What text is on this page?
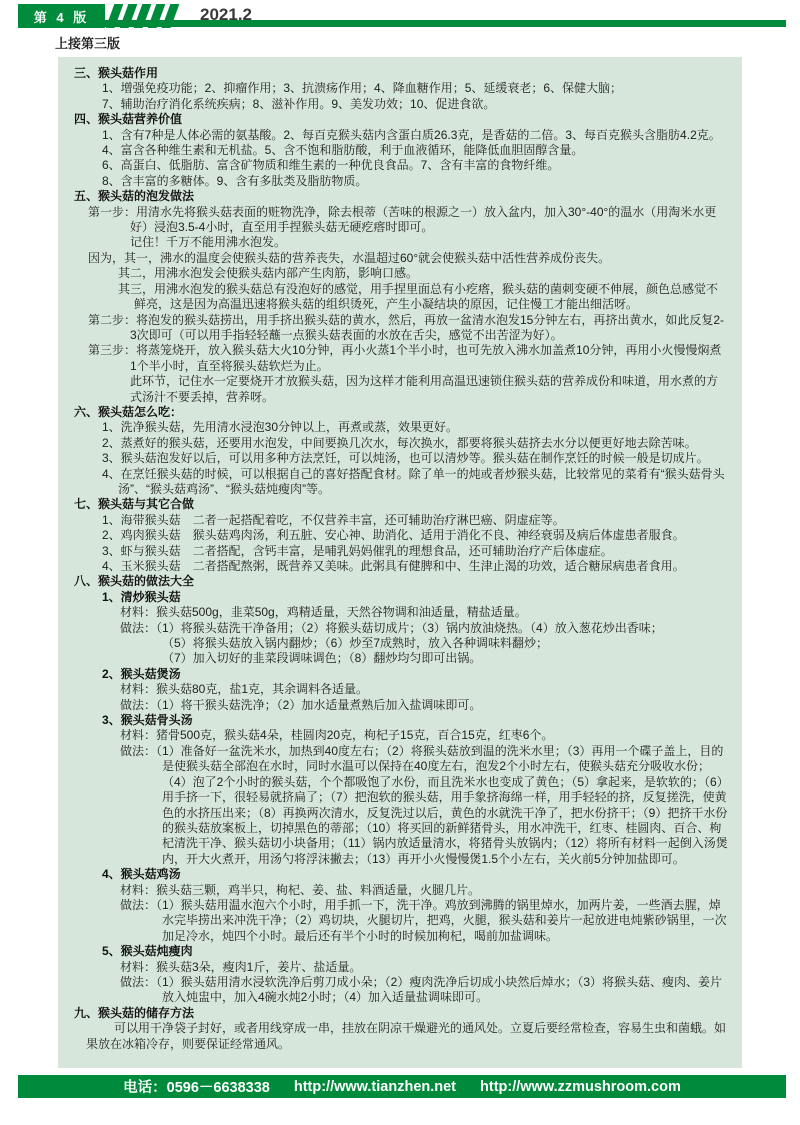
第 4 版	2021.2
上接第三版
三、猴头菇作用
1、增强免疫功能；2、抑瘤作用；3、抗溃疡作用；4、降血糖作用；5、延缓衰老；6、保健大脑；
7、辅助治疗消化系统疾病；8、滋补作用。9、美发功效；10、促进食欲。
四、猴头菇营养价值
1、含有7种是人体必需的氨基酸。2、每百克猴头菇内含蛋白质26.3克，是香菇的二倍。3、每百克猴头含脂肪4.2克。
4、富含各种维生素和无机盐。5、含不饱和脂肪酸，利于血液循环，能降低血胆固醇含量。
6、高蛋白、低脂肪、富含矿物质和维生素的一种优良食品。7、含有丰富的食物纤维。
8、含丰富的多糖体。9、含有多肽类及脂肪物质。
五、猴头菇的泡发做法
第一步：用清水先将猴头菇表面的赃物洗净，除去根蒂（苦味的根源之一）放入盆内，加入30°-40°的温水（用淘米水更好）浸泡3.5-4小时，直至用手捏猴头菇无硬疙瘩时即可。
记住！千万不能用沸水泡发。
因为，其一，沸水的温度会使猴头菇的营养丧失，水温超过60°就会使猴头菇中活性营养成份丧失。
其二，用沸水泡发会使猴头菇内部产生肉筋，影响口感。
其三，用沸水泡发的猴头菇总有没泡好的感觉，用手捏里面总有小疙瘩，猴头菇的菌刺变硬不伸展，颜色总感觉不鲜亮，这是因为高温迅速将猴头菇的组织烫死，产生小凝结块的原因，记住慢工才能出细活呀。
第二步：将泡发的猴头菇捞出，用手挤出猴头菇的黄水，然后，再放一盆清水泡发15分钟左右，再挤出黄水，如此反复2-3次即可（可以用手指轻轻蘸一点猴头菇表面的水放在舌尖，感觉不出苦涩为好）。
第三步：将蒸笼烧开，放入猴头菇大火10分钟，再小火蒸1个半小时，也可先放入沸水加盖煮10分钟，再用小火慢慢焖煮1个半小时，直至将猴头菇软烂为止。
此环节，记住水一定要烧开才放猴头菇，因为这样才能利用高温迅速锁住猴头菇的营养成份和味道，用水煮的方式汤汁不要丢掉，营养呀。
六、猴头菇怎么吃：
1、洗净猴头菇，先用清水浸泡30分钟以上，再煮或蒸，效果更好。
2、蒸煮好的猴头菇，还要用水泡发，中间要换几次水，每次换水，都要将猴头菇挤去水分以便更好地去除苦味。
3、猴头菇泡发好以后，可以用多种方法烹饪，可以炖汤，也可以清炒等。猴头菇在制作烹饪的时候一般是切成片。
4、在烹饪猴头菇的时候，可以根据自己的喜好搭配食材。除了单一的炖或者炒猴头菇，比较常见的菜肴有“猴头菇骨头汤”、“猴头菇鸡汤”、“猴头菇炖瘦肉”等。
七、猴头菇与其它合做
1、海带猴头菇　二者一起搭配着吃，不仅营养丰富，还可辅助治疗淋巴癌、阴虚症等。
2、鸡肉猴头菇　猴头菇鸡肉汤，利五脏、安心神、助消化、适用于消化不良、神经衰弱及病后体虚患者服食。
3、虾与猴头菇　二者搭配，含钙丰富，是哺乳妈妈催乳的理想食品，还可辅助治疗产后体虚症。
4、玉米猴头菇　二者搭配熬粥，既营养又美味。此粥具有健脾和中、生津止渴的功效，适合糖尿病患者食用。
八、猴头菇的做法大全
1、清炒猴头菇
材料：猴头菇500g，韭菜50g，鸡精适量，天然谷物调和油适量，精盐适量。
做法：（1）将猴头菇洗干净备用；（2）将猴头菇切成片；（3）锅内放油烧热。（4）放入葱花炒出香味；
（5）将猴头菇放入锅内翻炒；（6）炒至7成熟时，放入各种调味料翻炒；
（7）加入切好的韭菜段调味调色；（8）翻炒均匀即可出锅。
2、猴头菇煲汤
材料：猴头菇80克，盐1克，其余调料各适量。
做法：（1）将干猴头菇洗净；（2）加水适量煮熟后加入盐调味即可。
3、猴头菇骨头汤
材料：猪骨500克，猴头菇4朵，桂圆肉20克，枸杞子15克，百合15克，红枣6个。
做法：（1）准备好一盆洗米水，加热到40度左右；（2）将猴头菇放到温的洗米水里；（3）再用一个碟子盖上，目的是使猴头菇全部泡在水时，同时水温可以保持在40度左右，泡发2个小时左右，使猴头菇充分吸收水份；（4）泡了2个小时的猴头菇，个个都吸饱了水份，而且洗米水也变成了黄色；（5）拿起来，是软软的；（6）用手挤一下，很轻易就挤扁了；（7）把泡软的猴头菇，用手象挤海绵一样，用手轻轻的挤，反复搓洗，使黄色的水挤压出来；（8）再换两次清水，反复洗过以后，黄色的水就洗干净了，把水份挤干；（9）把挤干水份的猴头菇放案板上，切掉黑色的蒂部；（10）将买回的新鲜猪骨头，用水冲洗干，红枣、桂圆肉、百合、枸杞清洗干净、猴头菇切小块备用；（11）锅内放适量清水，将猪骨头放锅内；（12）将所有材料一起倒入汤煲内，开大火煮开，用汤勺将浮沫撇去；（13）再开小火慢慢煲1.5个小左右，关火前5分钟加盐即可。
4、猴头菇鸡汤
材料：猴头菇三颗，鸡半只，枸杞、姜、盐、料酒适量，火腿几片。
做法：（1）猴头菇用温水泡六个小时，用手抓一下，洗干净。鸡放到沸腾的锅里焯水，加两片姜，一些酒去腥，焯水完毕捞出来冲洗干净；（2）鸡切块，火腿切片，把鸡，火腿，猴头菇和姜片一起放进电炖紫砂锅里，一次加足冷水，炖四个小时。最后还有半个小时的时候加枸杞，喝前加盐调味。
5、猴头菇炖瘦肉
材料：猴头菇3朵，瘦肉1斤，姜片、盐适量。
做法：（1）猴头菇用清水浸软洗净后剪刀成小朵；（2）瘦肉洗净后切成小块然后焯水；（3）将猴头菇、瘦肉、姜片放入炖盅中，加入4碗水炖2小时；（4）加入适量盐调味即可。
九、猴头菇的储存方法
可以用干净袋子封好，或者用线穿成一串，挂放在阴凉干燥避光的通风处。立夏后要经常检查，容易生虫和菌蛾。如果放在冰箱冷存，则要保证经常通风。
电话：0596－6638338 http://www.tianzhen.net http://www.zzmushroom.com
